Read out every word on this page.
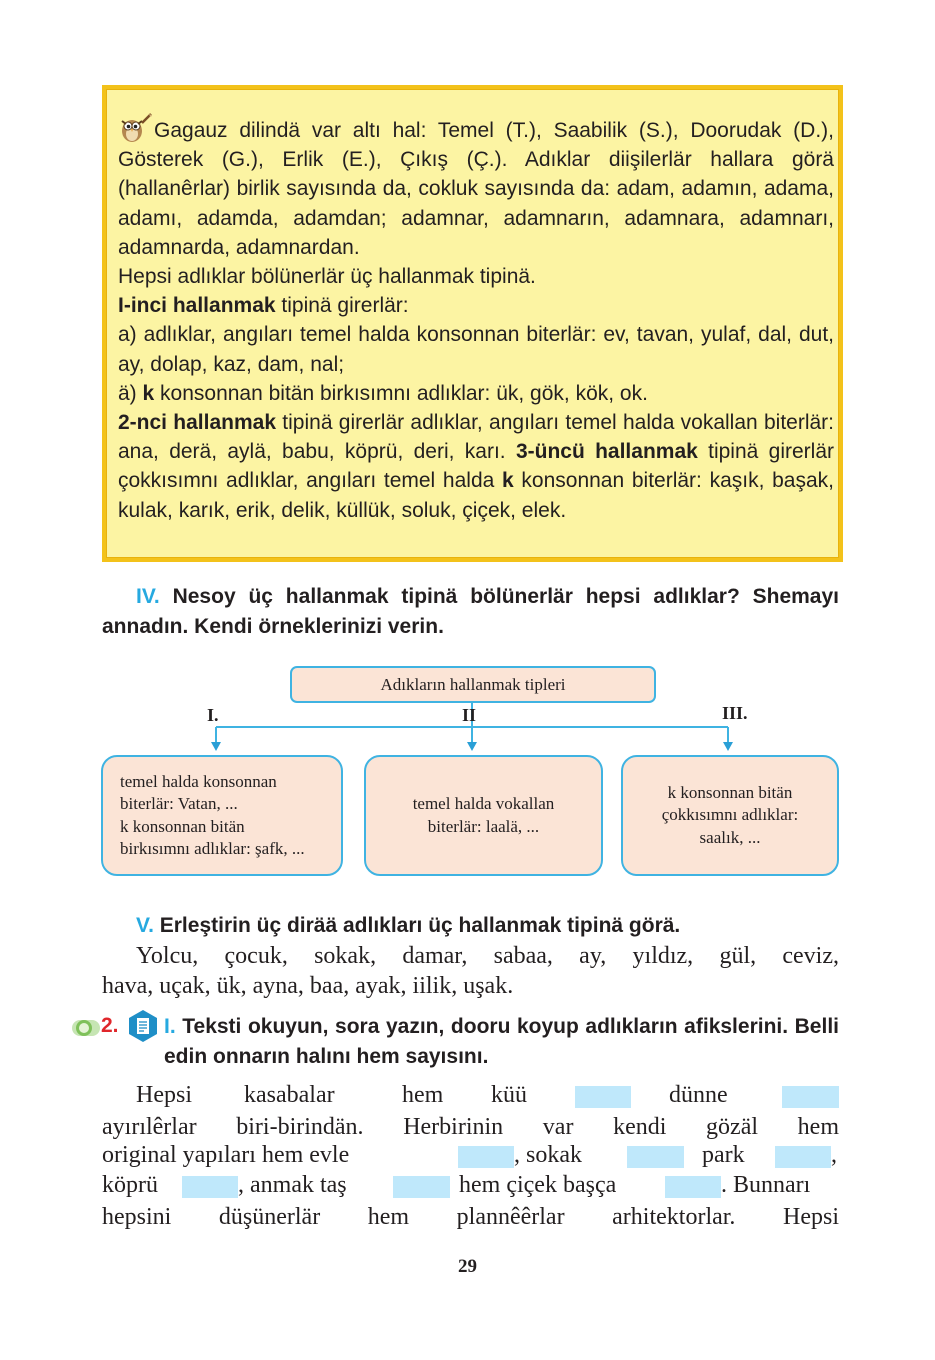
Gagauz dilindä var altı hal: Temel (T.), Saabilik (S.), Doorudak (D.), Gösterek (G.), Erlik (E.), Çıkış (Ç.). Adıklar diişilerlär hallara görä (hallanêrlar) birlik sayısında da, cokluk sayısında da: adam, adamın, adama, adamı, adamda, adamdan; adamnar, adamnarın, adamnara, adamnarı, adamnarda, adamnardan.

Hepsi adlıklar bölünerlär üç hallanmak tipinä.

I-inci hallanmak tipinä girerlär:

a) adlıklar, angıları temel halda konsonnan biterlär: ev, tavan, yulaf, dal, dut, ay, dolap, kaz, dam, nal;

ä) k konsonnan bitän birkısımnı adlıklar: ük, gök, kök, ok.

2-nci hallanmak tipinä girerlär adlıklar, angıları temel halda vokallan biterlär: ana, derä, aylä, babu, köprü, deri, karı. 3-üncü hallanmak tipinä girerlär çokkısımnı adlıklar, angıları temel halda k konsonnan biterlär: kaşık, başak, kulak, karık, erik, delik, küllük, soluk, çiçek, elek.

IV. Nesoy üç hallanmak tipinä bölünerlär hepsi adlıklar? Shemayı annadın. Kendi örneklerinizi verin.
Adıkların hallanmak tipleri
I.	II	III.
temel halda konsonnan
biterlär: Vatan, ...
k konsonnan bitän
birkısımnı adlıklar: şafk, ...
temel halda vokallan
biterlär: laalä, ...
k konsonnan bitän
çokkısımnı adlıklar:
saalık, ...
V. Erleştirin üç dirää adlıkları üç hallanmak tipinä görä.
Yolcu, çocuk, sokak, damar, sabaa, ay, yıldız, gül, ceviz,
hava, uçak, ük, ayna, baa, ayak, iilik, uşak.
2. I. Teksti okuyun, sora yazın, dooru koyup adlıkların afikslerini. Belli edin onnarın halını hem sayısını.
Hepsi kasabalar	hem küü	dünne
ayırılêrlar biri-birindän. Herbirinin var kendi gözäl hem
original yapıları hem evle	, sokak	park	,
köprü	, anmak taş	hem çiçek başça	. Bunnarı
hepsini düşünerlär hem plannêêrlar arhitektorlar. Hepsi
29
